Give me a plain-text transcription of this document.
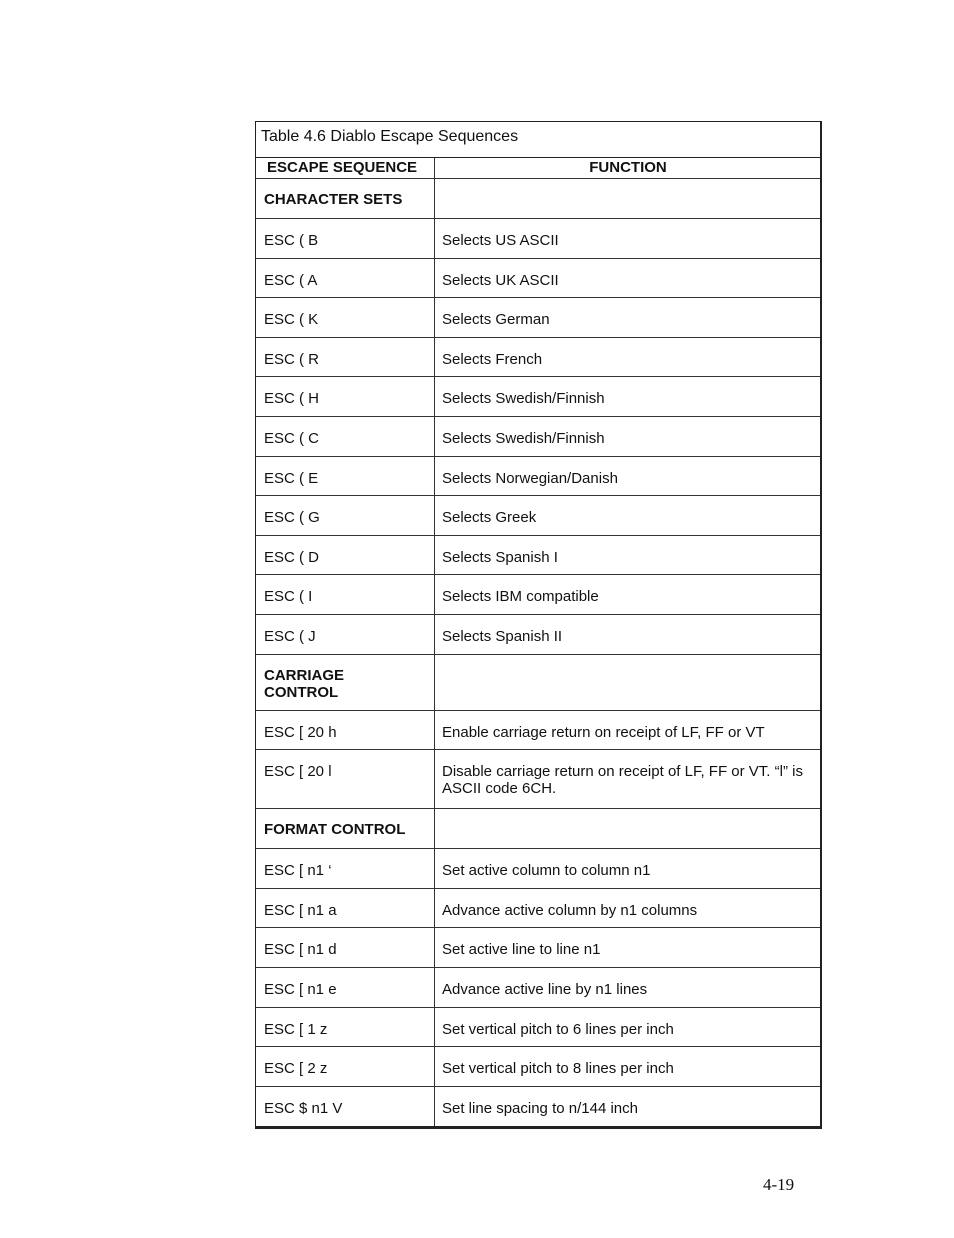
Table 4.6 Diablo Escape Sequences
ESCAPE SEQUENCE	FUNCTION
CHARACTER SETS
ESC ( B	Selects US ASCII
ESC ( A	Selects UK ASCII
ESC ( K	Selects German
ESC ( R	Selects French
ESC ( H	Selects Swedish/Finnish
ESC ( C	Selects Swedish/Finnish
ESC ( E	Selects Norwegian/Danish
ESC ( G	Selects Greek
ESC ( D	Selects Spanish I
ESC ( I	Selects IBM compatible
ESC ( J	Selects Spanish II
CARRIAGE CONTROL
ESC [ 20 h	Enable carriage return on receipt of LF, FF or VT
ESC [ 20 l	Disable carriage return on receipt of LF, FF or VT. “l” is ASCII code 6CH.
FORMAT CONTROL
ESC [ n1 ‘	Set active column to column n1
ESC [ n1 a	Advance active column by n1 columns
ESC [ n1 d	Set active line to line n1
ESC [ n1 e	Advance active line by n1 lines
ESC [ 1 z	Set vertical pitch to 6 lines per inch
ESC [ 2 z	Set vertical pitch to 8 lines per inch
ESC $ n1 V	Set line spacing to n/144 inch
4-19
